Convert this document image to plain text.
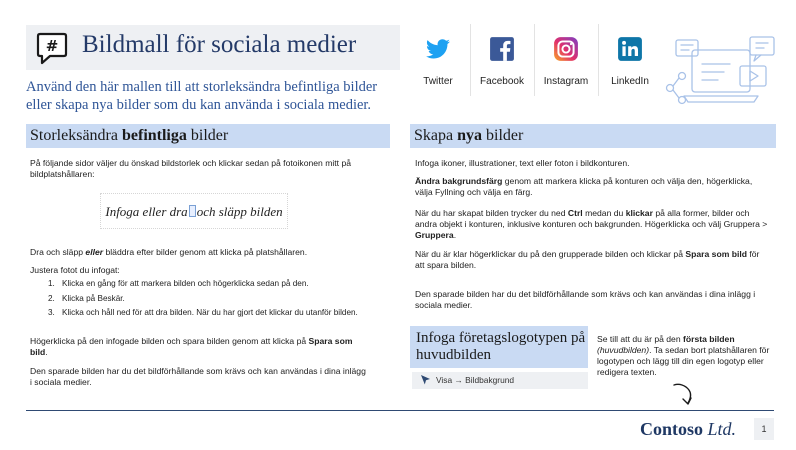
# Bildmall för sociala medier
Använd den här mallen till att storleksändra befintliga bilder eller skapa nya bilder som du kan använda i sociala medier.
Twitter	Facebook	Instagram	LinkedIn
Storleksändra befintliga bilder
På följande sidor väljer du önskad bildstorlek och klickar sedan på fotoikonen mitt på bildplatshållaren:
Infoga eller dra och släpp bilden
Dra och släpp eller bläddra efter bilder genom att klicka på platshållaren.
Justera fotot du infogat:
1. Klicka en gång för att markera bilden och högerklicka sedan på den.
2. Klicka på Beskär.
3. Klicka och håll ned för att dra bilden. När du har gjort det klickar du utanför bilden.
Högerklicka på den infogade bilden och spara bilden genom att klicka på Spara som bild.
Den sparade bilden har du det bildförhållande som krävs och kan användas i dina inlägg i sociala medier.
Skapa nya bilder
Infoga ikoner, illustrationer, text eller foton i bildkonturen.
Ändra bakgrundsfärg genom att markera klicka på konturen och välja den, högerklicka, välja Fyllning och välja en färg.
När du har skapat bilden trycker du ned Ctrl medan du klickar på alla former, bilder och andra objekt i konturen, inklusive konturen och bakgrunden. Högerklicka och välj Gruppera > Gruppera.
När du är klar högerklickar du på den grupperade bilden och klickar på Spara som bild för att spara bilden.
Den sparade bilden har du det bildförhållande som krävs och kan användas i dina inlägg i sociala medier.
Infoga företagslogotypen på huvudbilden
Visa → Bildbakgrund
Se till att du är på den första bilden
(huvudbilden). Ta sedan bort platshållaren för logotypen och lägg till din egen logotyp eller redigera texten.
Contoso Ltd.	1
